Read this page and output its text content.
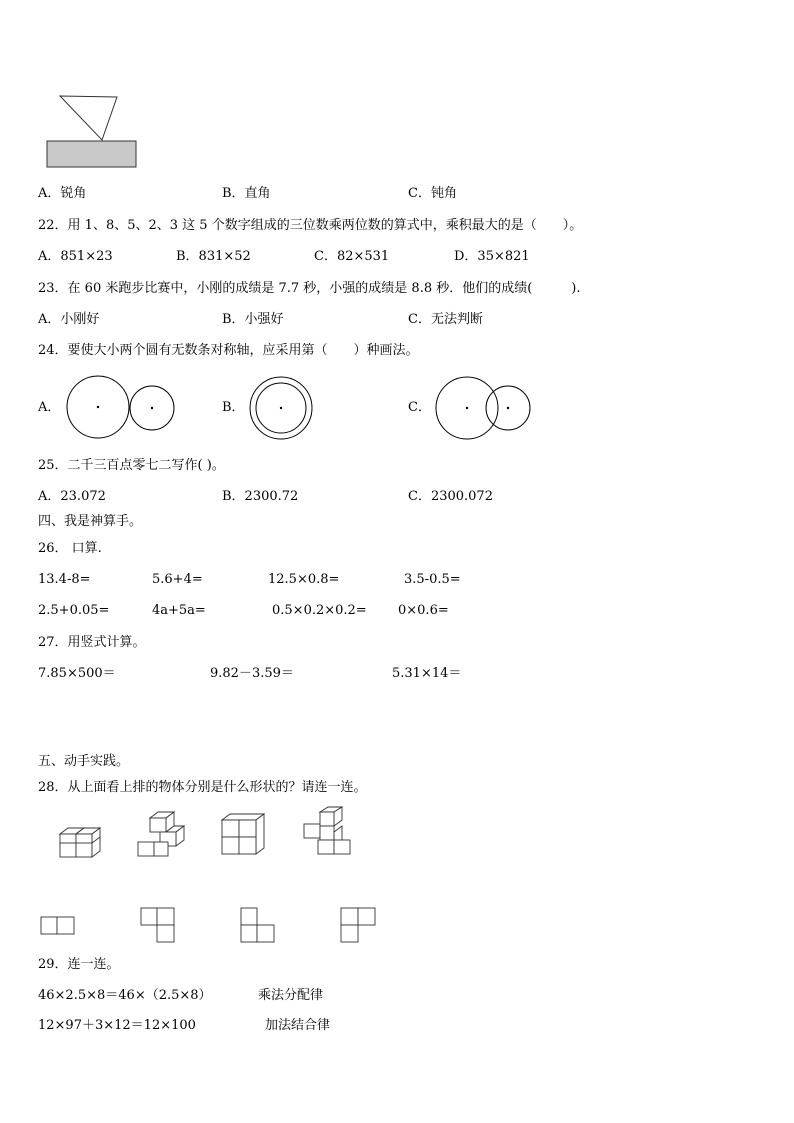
A．锐角	B．直角	C．钝角
22．用 1、8、5、2、3 这 5 个数字组成的三位数乘两位数的算式中，乘积最大的是（　　）。
A．851×23	B．831×52	C．82×531	D．35×821
23．在 60 米跑步比赛中，小刚的成绩是 7.7 秒，小强的成绩是 8.8 秒．他们的成绩(　　　).
A．小刚好	B．小强好	C．无法判断
24．要使大小两个圆有无数条对称轴，应采用第（　　）种画法。
A．	B．	C．
25．二千三百点零七二写作( )。
A．23.072	B．2300.72	C．2300.072
四、我是神算手。
26． 口算.
13.4-8=	5.6+4=	12.5×0.8=	3.5-0.5=
2.5+0.05=	4a+5a=	0.5×0.2×0.2= 0×0.6=
27．用竖式计算。
7.85×500＝	9.82－3.59＝	5.31×14＝
五、动手实践。
28．从上面看上排的物体分别是什么形状的？请连一连。
29．连一连。
46×2.5×8＝46×（2.5×8）	乘法分配律
12×97＋3×12＝12×100	加法结合律
